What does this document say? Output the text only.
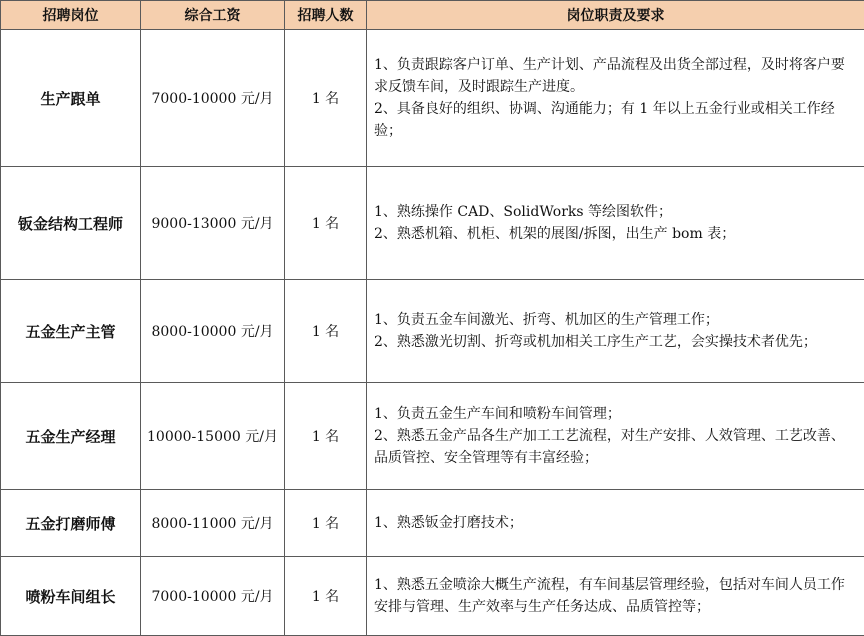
招聘岗位	综合工资	招聘人数	岗位职责及要求
生产跟单	7000-10000 元/月	1 名	1、负责跟踪客户订单、生产计划、产品流程及出货全部过程，及时将客户要求反馈车间，及时跟踪生产进度。
2、具备良好的组织、协调、沟通能力；有 1 年以上五金行业或相关工作经验；

钣金结构工程师	9000-13000 元/月	1 名	1、熟练操作 CAD、SolidWorks 等绘图软件；
2、熟悉机箱、机柜、机架的展图/拆图，出生产 bom 表；

五金生产主管	8000-10000 元/月	1 名	1、负责五金车间激光、折弯、机加区的生产管理工作；
2、熟悉激光切割、折弯或机加相关工序生产工艺，会实操技术者优先；

五金生产经理	10000-15000 元/月	1 名	1、负责五金生产车间和喷粉车间管理；
2、熟悉五金产品各生产加工工艺流程，对生产安排、人效管理、工艺改善、品质管控、安全管理等有丰富经验；

五金打磨师傅	8000-11000 元/月	1 名	1、熟悉钣金打磨技术；

喷粉车间组长	7000-10000 元/月	1 名	1、熟悉五金喷涂大概生产流程，有车间基层管理经验，包括对车间人员工作安排与管理、生产效率与生产任务达成、品质管控等；
